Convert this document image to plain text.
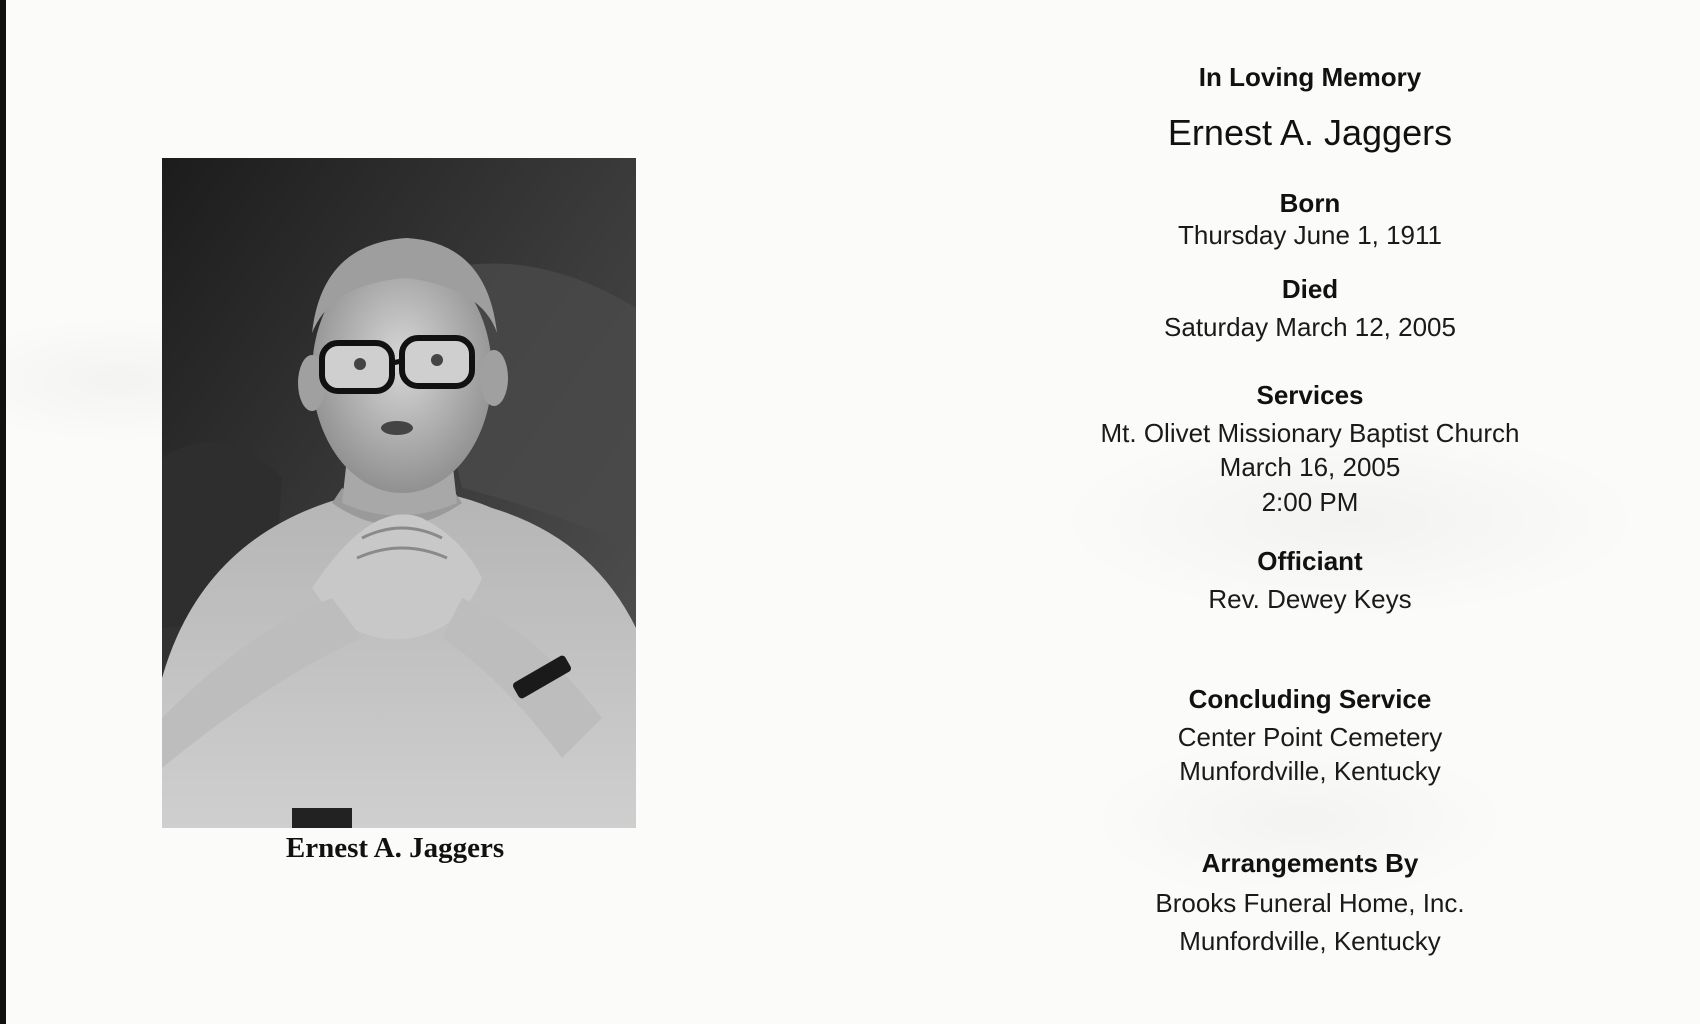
Ernest A. Jaggers
In Loving Memory
Ernest A. Jaggers
Born
Thursday June 1, 1911
Died
Saturday March 12, 2005
Services
Mt. Olivet Missionary Baptist Church
March 16, 2005
2:00 PM
Officiant
Rev. Dewey Keys
Concluding Service
Center Point Cemetery
Munfordville, Kentucky
Arrangements By
Brooks Funeral Home, Inc.
Munfordville, Kentucky
